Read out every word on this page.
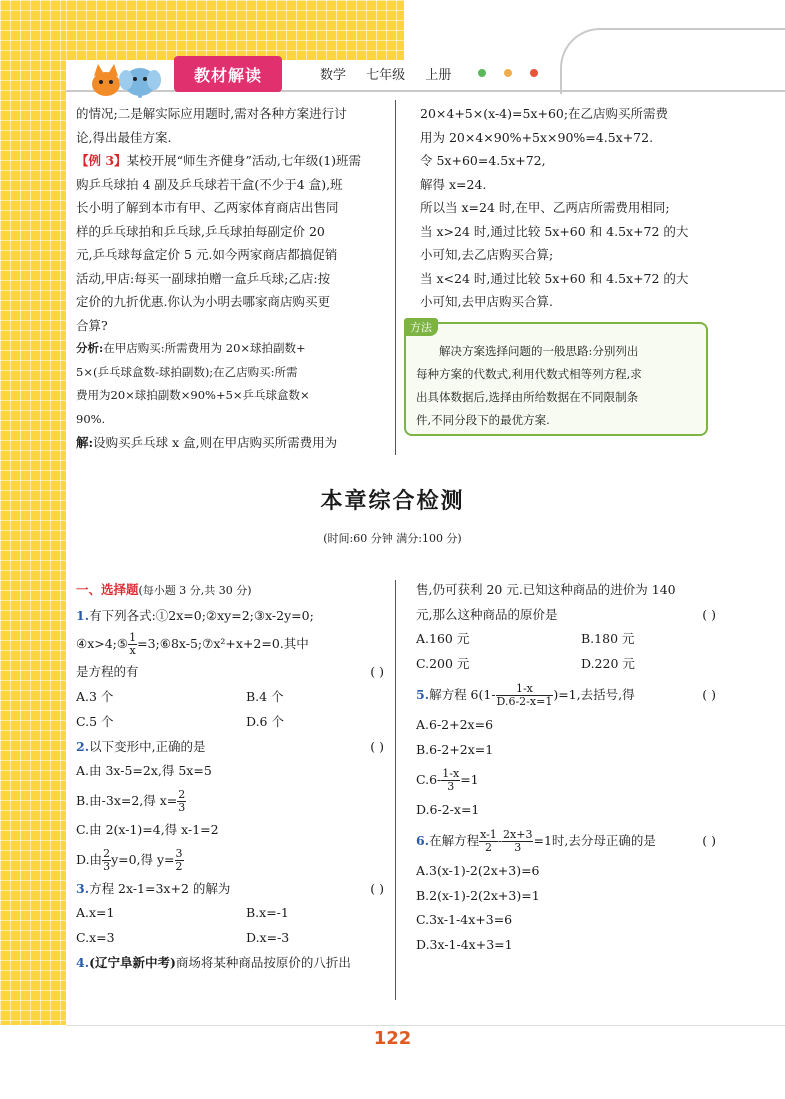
教材解读	数学 七年级 上册

的情况;二是解实际应用题时,需对各种方案进行讨

论,得出最佳方案.

【例 3】某校开展“师生齐健身”活动,七年级(1)班需

购乒乓球拍 4 副及乒乓球若干盒(不少于4 盒),班

长小明了解到本市有甲、乙两家体育商店出售同

样的乒乓球拍和乒乓球,乒乓球拍每副定价 20

元,乒乓球每盒定价 5 元.如今两家商店都搞促销

活动,甲店:每买一副球拍赠一盒乒乓球;乙店:按

定价的九折优惠.你认为小明去哪家商店购买更

合算?

分析:在甲店购买:所需费用为 20×球拍副数+

5×(乒乓球盒数-球拍副数);在乙店购买:所需

费用为20×球拍副数×90%+5×乒乓球盒数×

90%.

解:设购买乒乓球 x 盒,则在甲店购买所需费用为

20×4+5×(x-4)=5x+60;在乙店购买所需费

用为 20×4×90%+5x×90%=4.5x+72.

令 5x+60=4.5x+72,

解得 x=24.

所以当 x=24 时,在甲、乙两店所需费用相同;

当 x>24 时,通过比较 5x+60 和 4.5x+72 的大

小可知,去乙店购买合算;

当 x<24 时,通过比较 5x+60 和 4.5x+72 的大

小可知,去甲店购买合算.

解决方案选择问题的一般思路:分别列出

每种方案的代数式,利用代数式相等列方程,求

出具体数据后,选择由所给数据在不同限制条

件,不同分段下的最优方案.

方法
本章综合检测
(时间:60 分钟 满分:100 分)

一、选择题(每小题 3 分,共 30 分)

1.有下列各式:①2x=0;②xy=2;③x-2y=0;

④x>4;⑤ $\frac{1}{x}$ =3;⑥8x-5;⑦x²+x+2=0.其中

是方程的有	( )

A.3 个	B.4 个
C.5 个	D.6 个

2.以下变形中,正确的是	( )

A.由 3x-5=2x,得 5x=5

B.由-3x=2,得 $x= \frac{2}{3}$

C.由 2(x-1)=4,得 x-1=2

D.由 $\frac{2}{3} y=0$,得 $y= \frac{3}{2}$

3.方程 2x-1=3x+2 的解为	( )

A.x=1	B.x=-1
C.x=3	D.x=-3

4.(辽宁阜新中考)商场将某种商品按原价的八折出

售,仍可获利 20 元.已知这种商品的进价为 140

元,那么这种商品的原价是	( )

A.160 元	B.180 元
C.200 元	D.220 元

5.解方程 $6(1- \frac{1-x}{D.6-2-x=1} )=1$,去括号,得	( )

A.6-2+2x=6

B.6-2+2x=1

$C.6- \frac{1-x}{3} =1$

D.6-2-x=1

6.在解方程 $\frac{x-1}{2} - \frac{2x+3}{3} =1$时,去分母正确的是	( )

A.3(x-1)-2(2x+3)=6

B.2(x-1)-2(2x+3)=1

C.3x-1-4x+3=6

D.3x-1-4x+3=1

122
